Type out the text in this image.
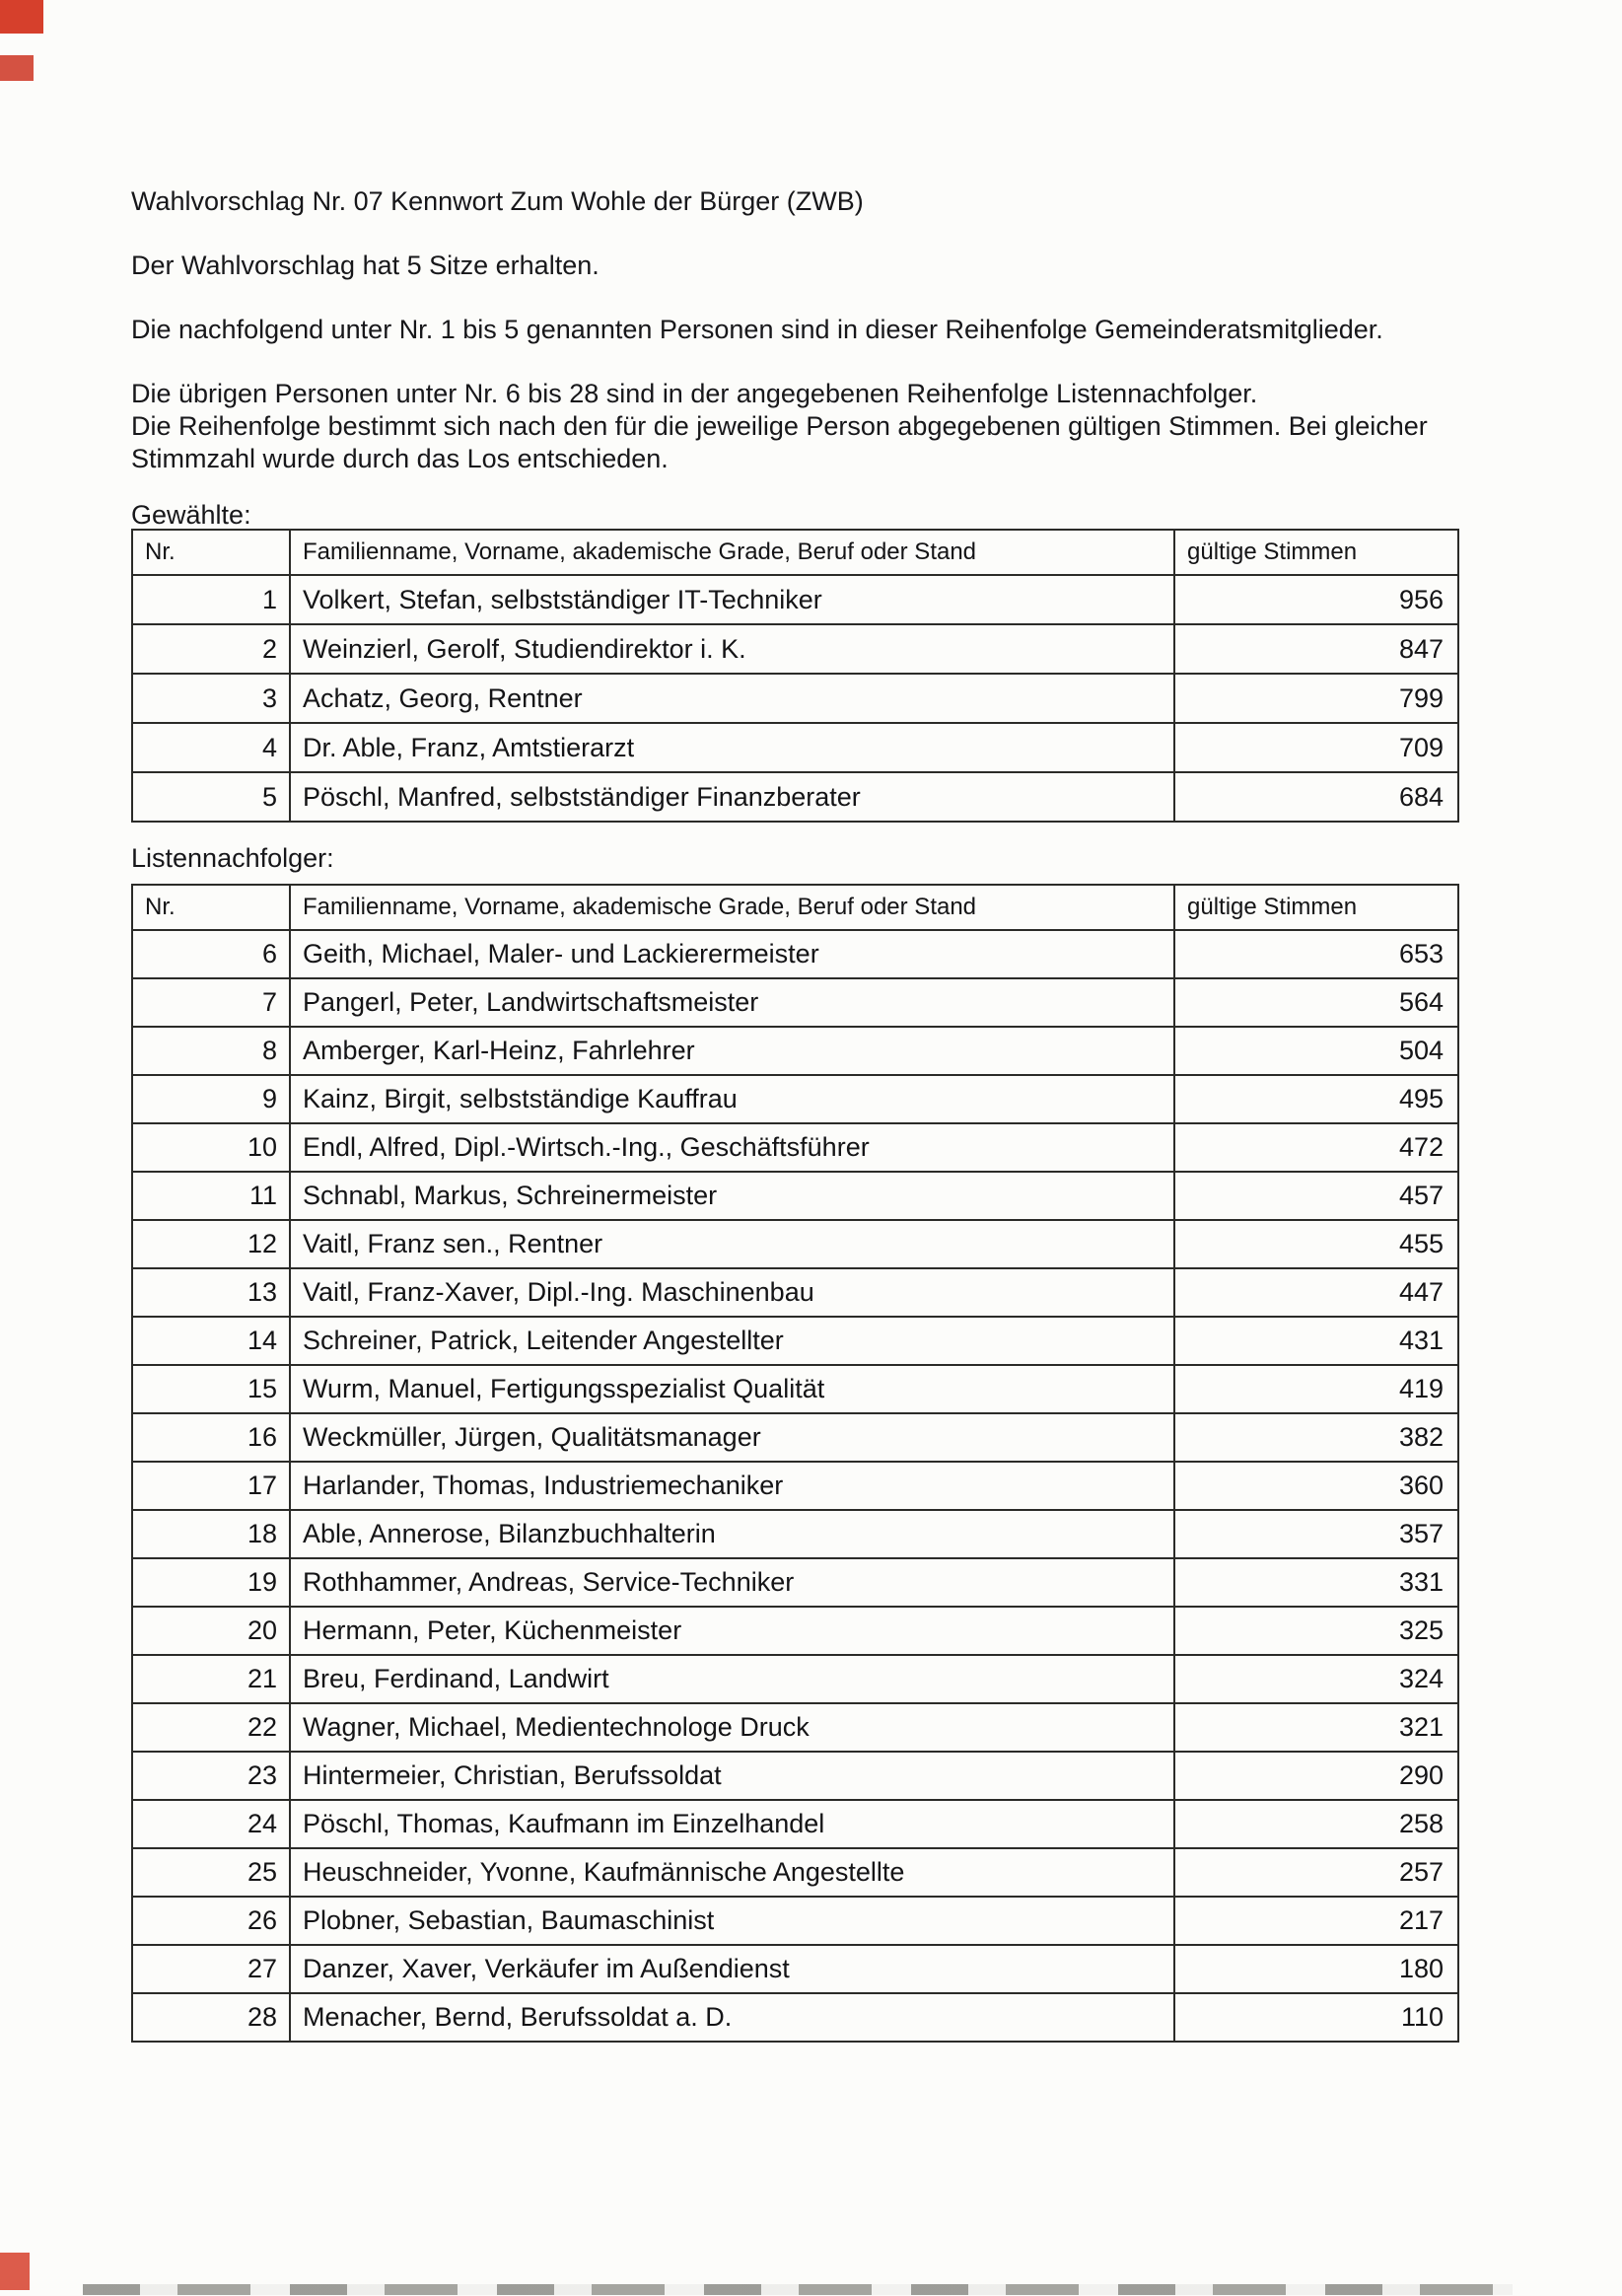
Wahlvorschlag Nr. 07 Kennwort Zum Wohle der Bürger (ZWB)
Der Wahlvorschlag hat 5 Sitze erhalten.
Die nachfolgend unter Nr. 1 bis 5 genannten Personen sind in dieser Reihenfolge Gemeinderatsmitglieder.
Die übrigen Personen unter Nr. 6 bis 28 sind in der angegebenen Reihenfolge Listennachfolger.
Die Reihenfolge bestimmt sich nach den für die jeweilige Person abgegebenen gültigen Stimmen. Bei gleicher
Stimmzahl wurde durch das Los entschieden.
Gewählte:
Nr.	Familienname, Vorname, akademische Grade, Beruf oder Stand	gültige Stimmen
1	Volkert, Stefan, selbstständiger IT-Techniker	956
2	Weinzierl, Gerolf, Studiendirektor i. K.	847
3	Achatz, Georg, Rentner	799
4	Dr. Able, Franz, Amtstierarzt	709
5	Pöschl, Manfred, selbstständiger Finanzberater	684
Listennachfolger:
Nr.	Familienname, Vorname, akademische Grade, Beruf oder Stand	gültige Stimmen
6	Geith, Michael, Maler- und Lackierermeister	653
7	Pangerl, Peter, Landwirtschaftsmeister	564
8	Amberger, Karl-Heinz, Fahrlehrer	504
9	Kainz, Birgit, selbstständige Kauffrau	495
10	Endl, Alfred, Dipl.-Wirtsch.-Ing., Geschäftsführer	472
11	Schnabl, Markus, Schreinermeister	457
12	Vaitl, Franz sen., Rentner	455
13	Vaitl, Franz-Xaver, Dipl.-Ing. Maschinenbau	447
14	Schreiner, Patrick, Leitender Angestellter	431
15	Wurm, Manuel, Fertigungsspezialist Qualität	419
16	Weckmüller, Jürgen, Qualitätsmanager	382
17	Harlander, Thomas, Industriemechaniker	360
18	Able, Annerose, Bilanzbuchhalterin	357
19	Rothhammer, Andreas, Service-Techniker	331
20	Hermann, Peter, Küchenmeister	325
21	Breu, Ferdinand, Landwirt	324
22	Wagner, Michael, Medientechnologe Druck	321
23	Hintermeier, Christian, Berufssoldat	290
24	Pöschl, Thomas, Kaufmann im Einzelhandel	258
25	Heuschneider, Yvonne, Kaufmännische Angestellte	257
26	Plobner, Sebastian, Baumaschinist	217
27	Danzer, Xaver, Verkäufer im Außendienst	180
28	Menacher, Bernd, Berufssoldat a. D.	110
